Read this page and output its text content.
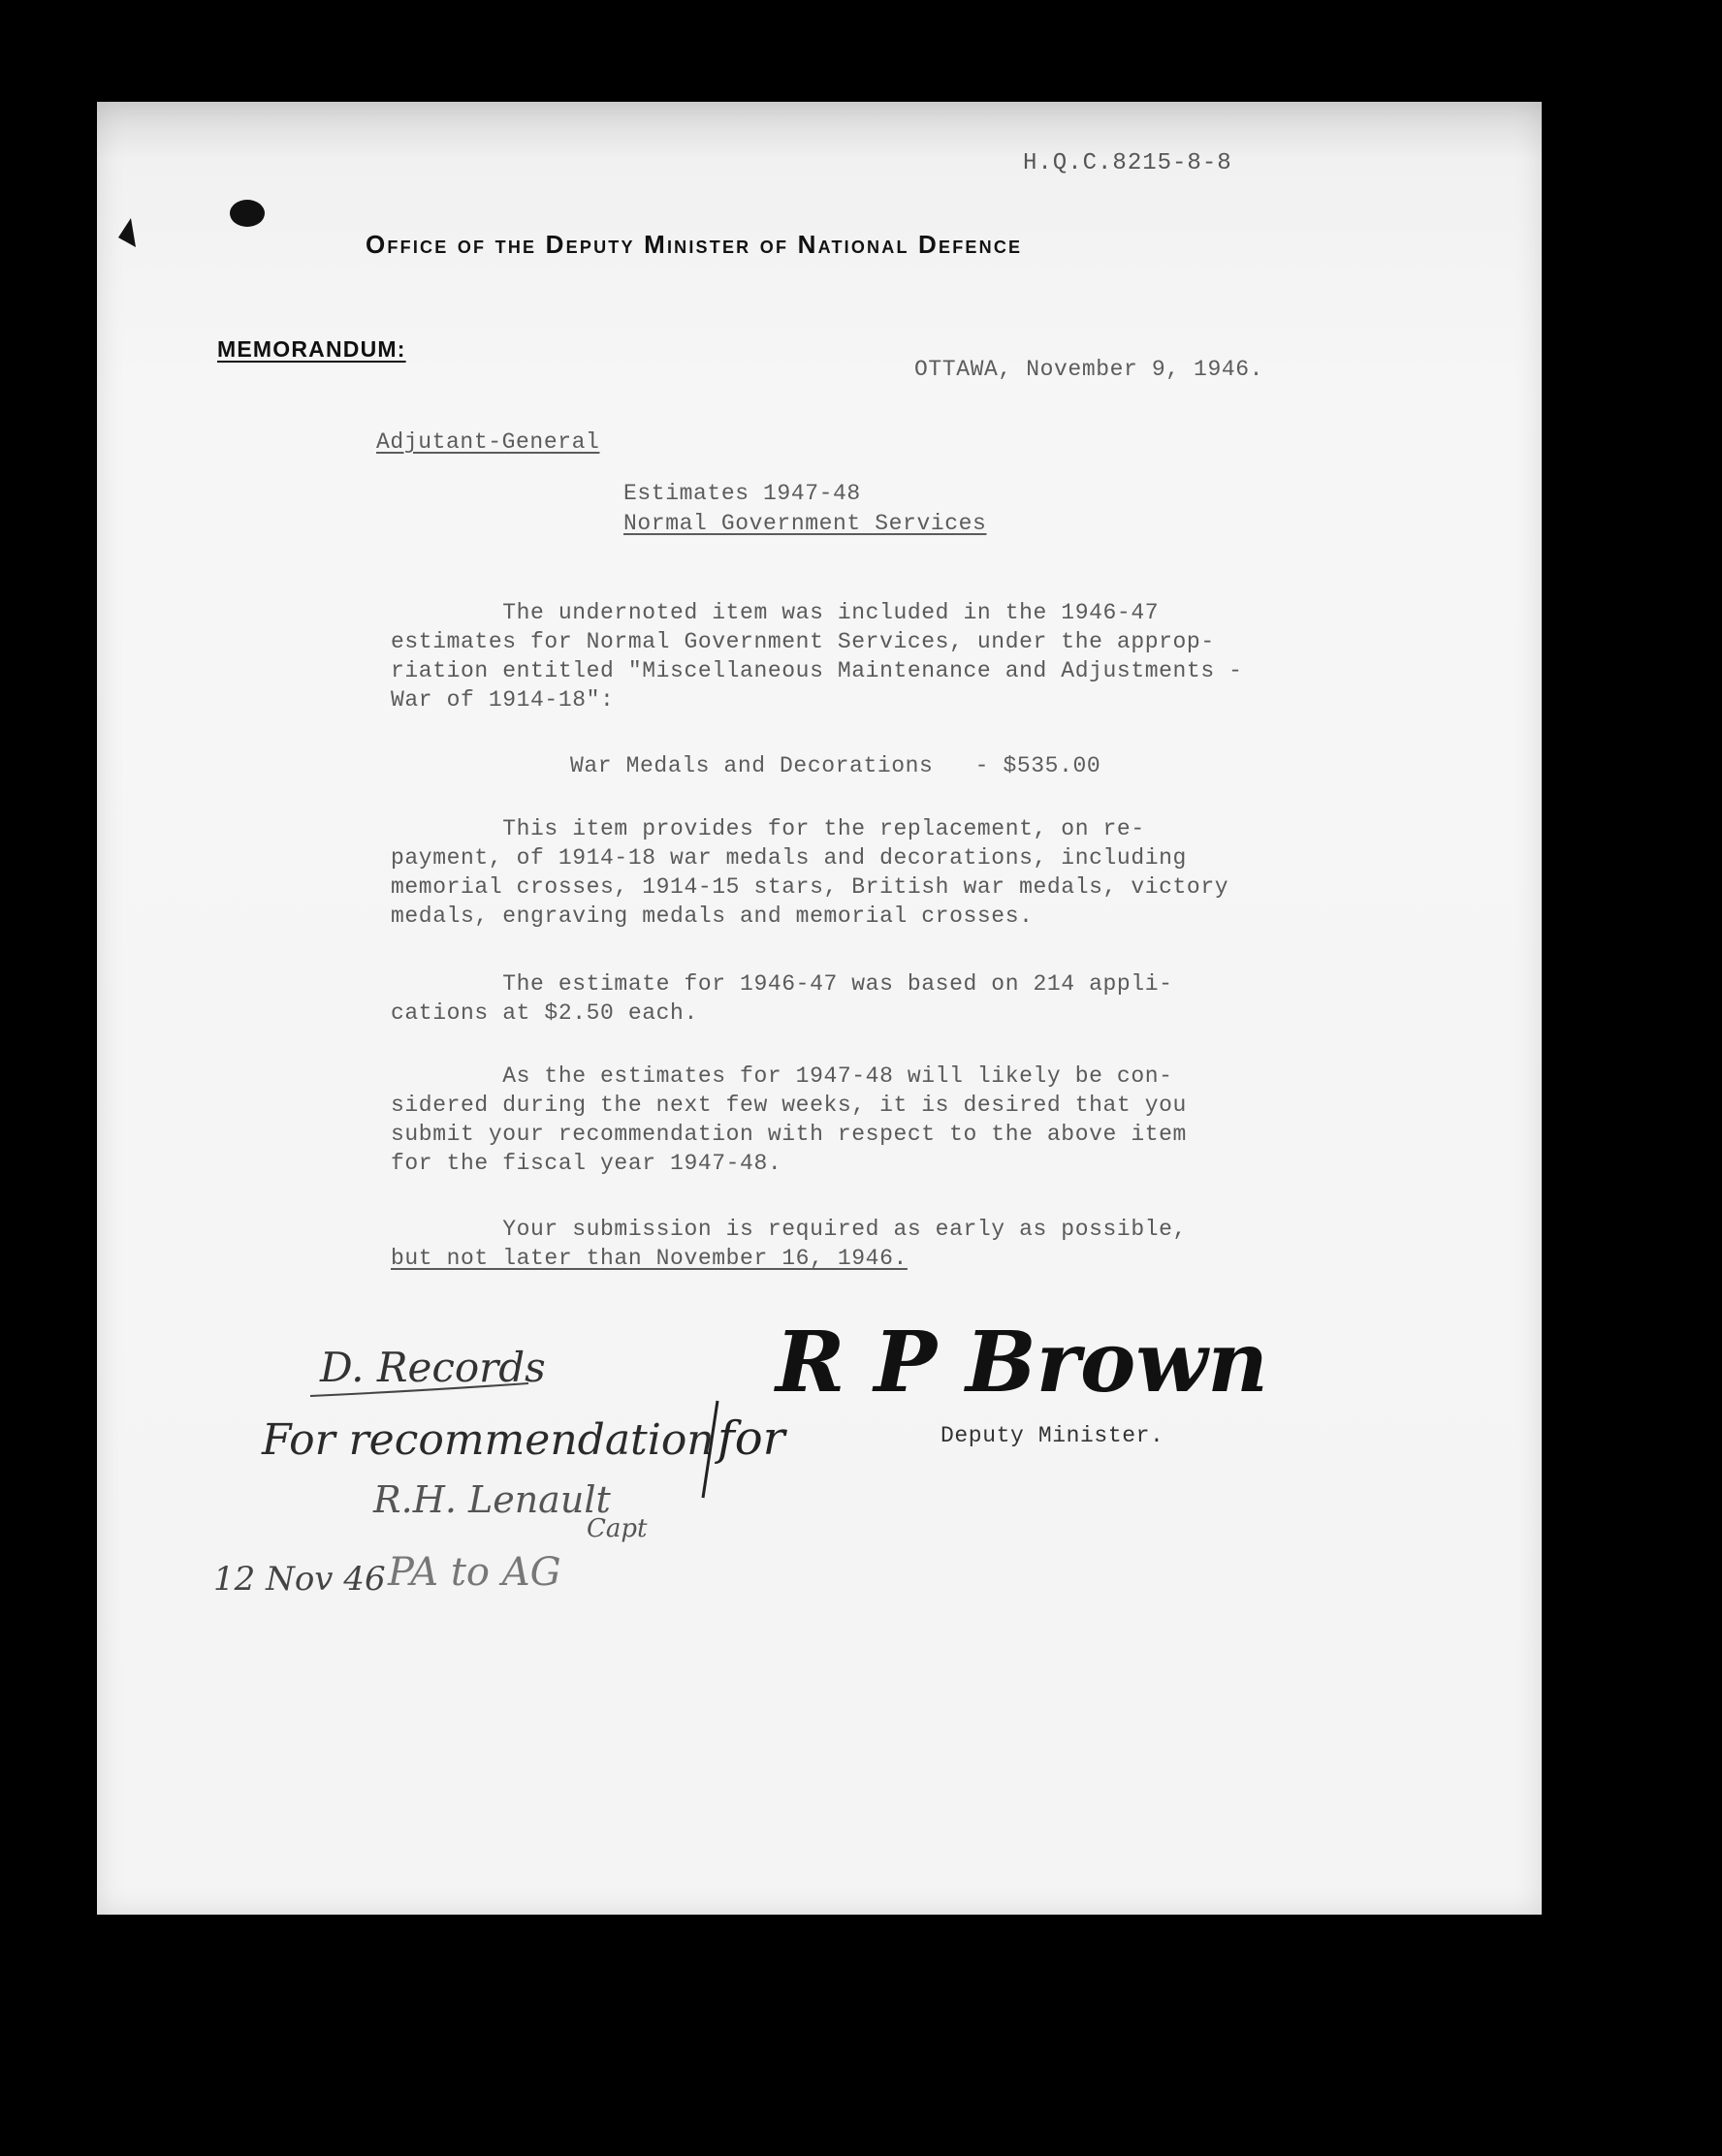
H.Q.C.8215-8-8
Office of the Deputy Minister of National Defence
MEMORANDUM:
OTTAWA, November 9, 1946.
Adjutant-General
Estimates 1947-48
Normal Government Services
The undernoted item was included in the 1946-47
estimates for Normal Government Services, under the approp-
riation entitled "Miscellaneous Maintenance and Adjustments -
War of 1914-18":
War Medals and Decorations   - $535.00
This item provides for the replacement, on re-
payment, of 1914-18 war medals and decorations, including
memorial crosses, 1914-15 stars, British war medals, victory
medals, engraving medals and memorial crosses.
The estimate for 1946-47 was based on 214 appli-
cations at $2.50 each.
As the estimates for 1947-48 will likely be con-
sidered during the next few weeks, it is desired that you
submit your recommendation with respect to the above item
for the fiscal year 1947-48.
Your submission is required as early as possible,
but not later than November 16, 1946.
Deputy Minister.
D. Records
For recommendation
R.H. Lenault
Capt
12 Nov 46 PA to AG
for
R P Brown
